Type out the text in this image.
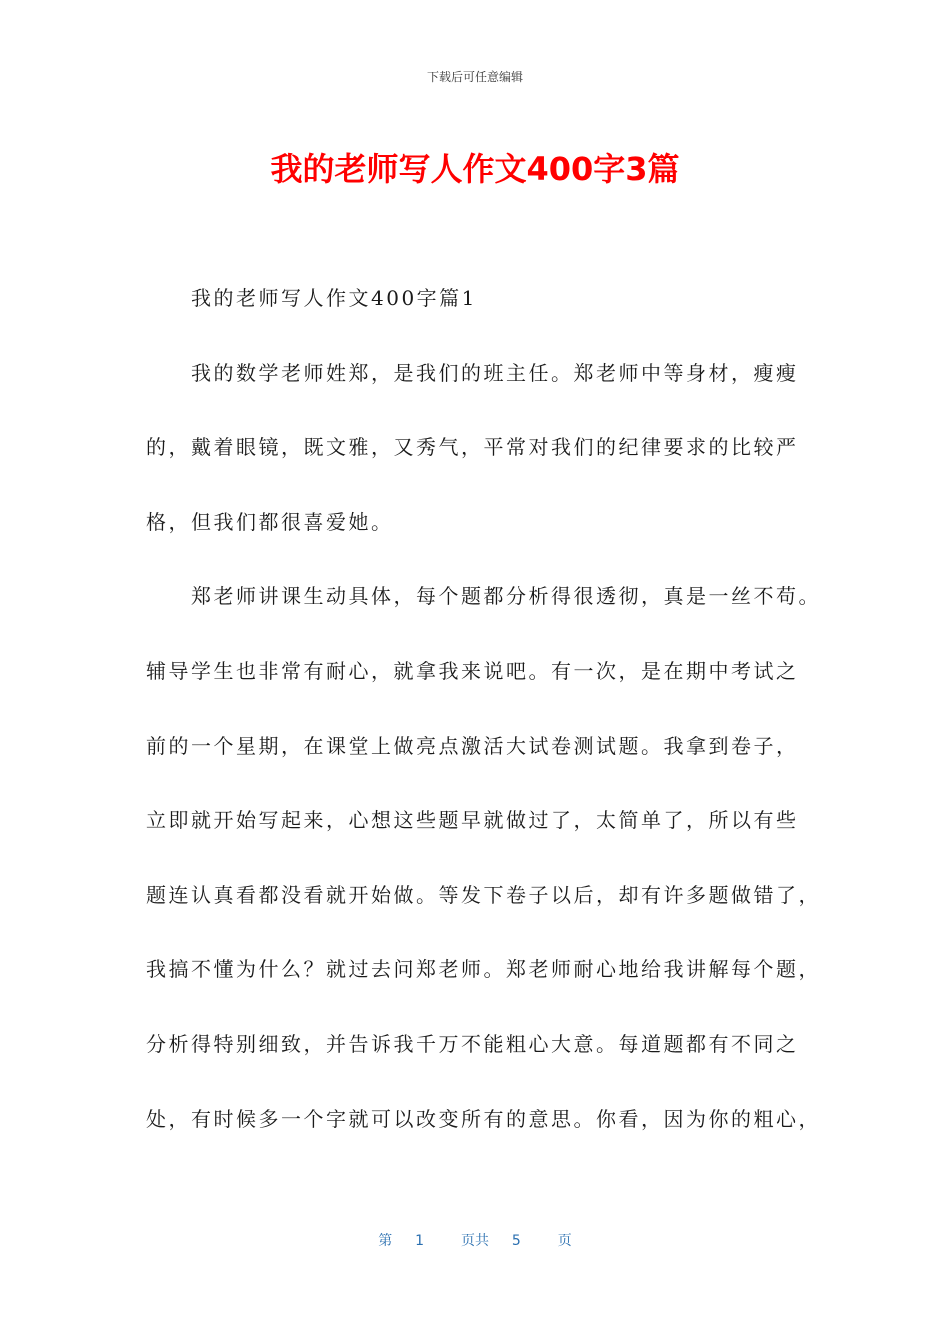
下载后可任意编辑
我的老师写人作文400字3篇
我的老师写人作文400字篇1
我的数学老师姓郑，是我们的班主任。郑老师中等身材，瘦瘦
的，戴着眼镜，既文雅，又秀气，平常对我们的纪律要求的比较严
格，但我们都很喜爱她。
郑老师讲课生动具体，每个题都分析得很透彻，真是一丝不苟。
辅导学生也非常有耐心，就拿我来说吧。有一次，是在期中考试之
前的一个星期，在课堂上做亮点激活大试卷测试题。我拿到卷子，
立即就开始写起来，心想这些题早就做过了，太简单了，所以有些
题连认真看都没看就开始做。等发下卷子以后，却有许多题做错了，
我搞不懂为什么？就过去问郑老师。郑老师耐心地给我讲解每个题，
分析得特别细致，并告诉我千万不能粗心大意。每道题都有不同之
处，有时候多一个字就可以改变所有的意思。你看，因为你的粗心，
第 1	页共 5	页
